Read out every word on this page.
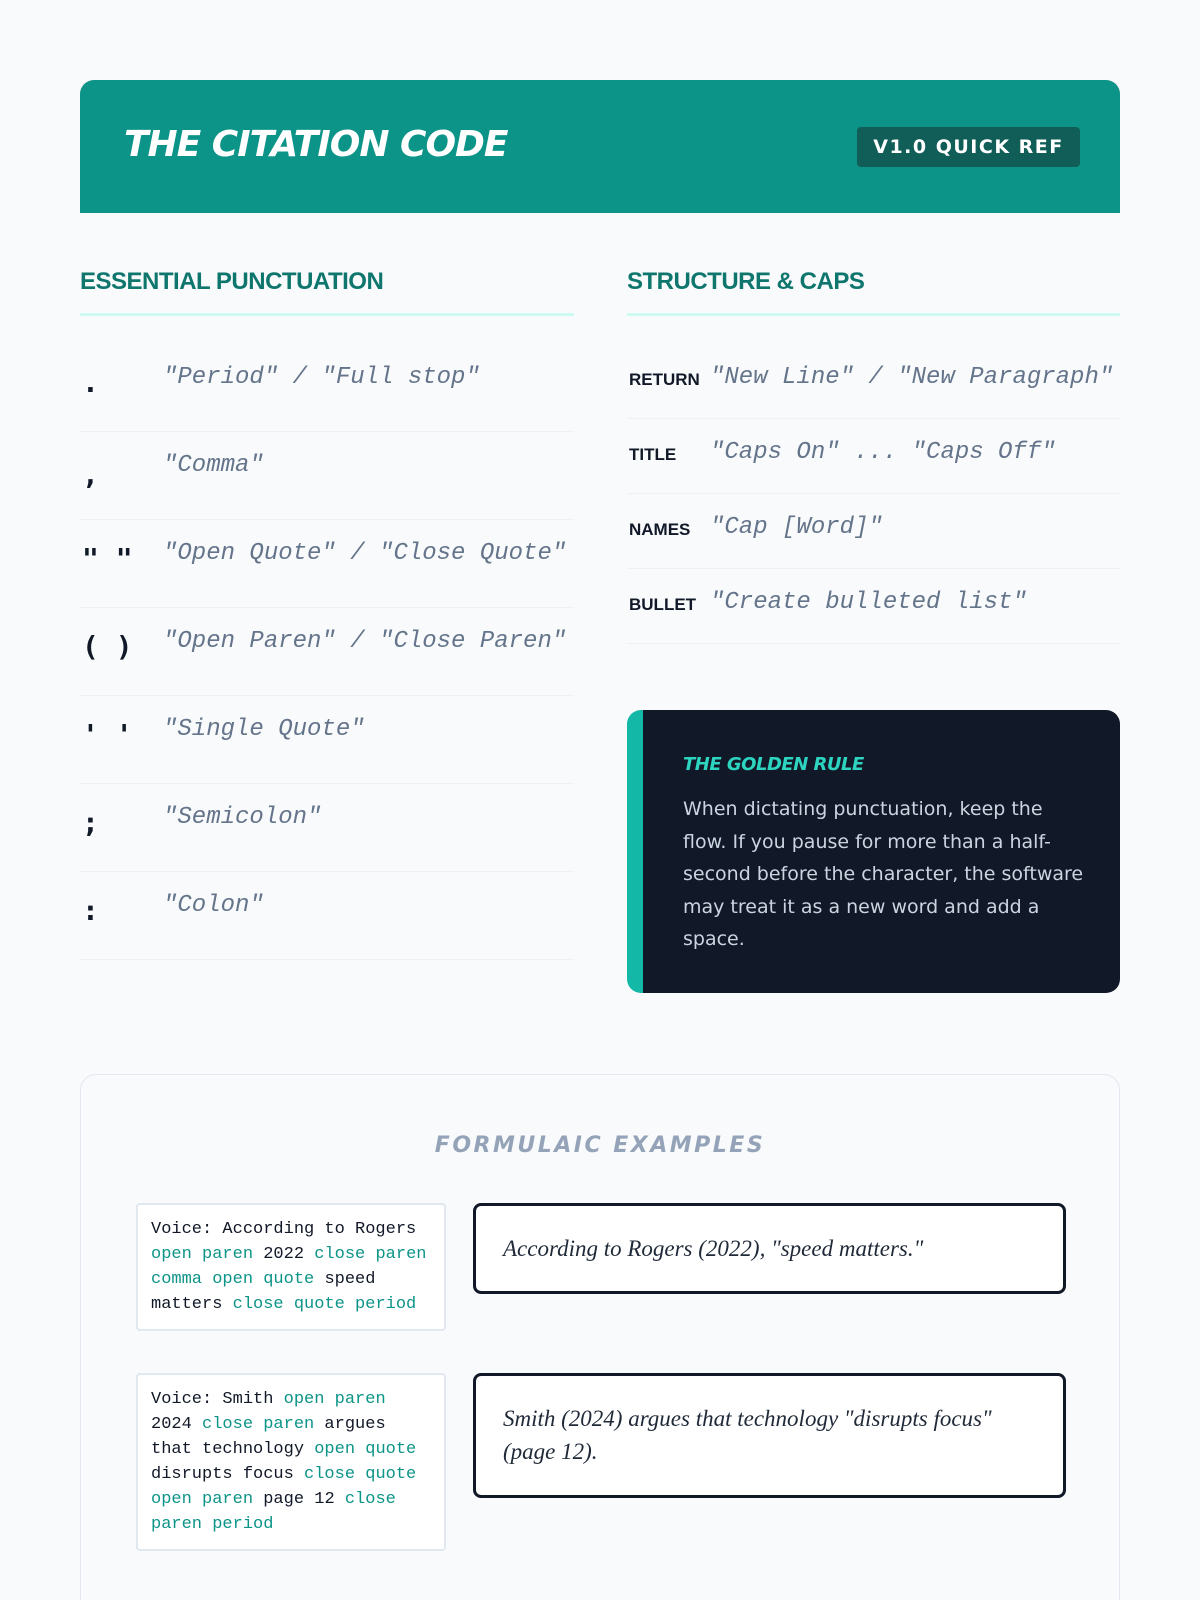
THE CITATION CODE	V1.0 QUICK REF
ESSENTIAL PUNCTUATION	STRUCTURE & CAPS
.	"Period" / "Full stop"
,	"Comma"
" "	"Open Quote" / "Close Quote"
( )	"Open Paren" / "Close Paren"
' '	"Single Quote"
;	"Semicolon"
:	"Colon"
RETURN "New Line" / "New Paragraph"
TITLE "Caps On" ... "Caps Off"
NAMES "Cap [Word]"
BULLET "Create bulleted list"
THE GOLDEN RULE
When dictating punctuation, keep the flow. If you pause for more than a half-second before the character, the software may treat it as a new word and add a space.
FORMULAIC EXAMPLES
Voice: According to Rogers open paren 2022 close paren comma open quote speed matters close quote period
According to Rogers (2022), "speed matters."
Voice: Smith open paren 2024 close paren argues that technology open quote disrupts focus close quote open paren page 12 close paren period
Smith (2024) argues that technology "disrupts focus" (page 12).
